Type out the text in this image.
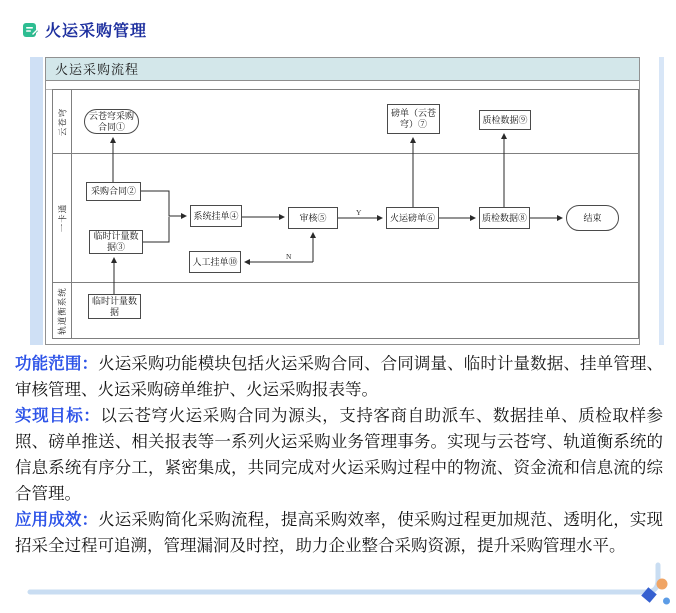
火运采购管理
火运采购流程
云苍穹
一卡通
轨道衡系统
Y
N
云苍穹采购合同①
磅单（云苍穹）⑦	质检数据⑨
采购合同②
临时计量数据③
系统挂单④	审核⑤	火运磅单⑥	质检数据⑧	结束
人工挂单⑩
临时计量数据

功能范围：火运采购功能模块包括火运采购合同、合同调量、临时计量数据、挂单管理、审核管理、火运采购磅单维护、火运采购报表等。

实现目标：以云苍穹火运采购合同为源头，支持客商自助派车、数据挂单、质检取样参照、磅单推送、相关报表等一系列火运采购业务管理事务。实现与云苍穹、轨道衡系统的信息系统有序分工，紧密集成，共同完成对火运采购过程中的物流、资金流和信息流的综合管理。

应用成效：火运采购简化采购流程，提高采购效率，使采购过程更加规范、透明化，实现招采全过程可追溯，管理漏洞及时控，助力企业整合采购资源，提升采购管理水平。
